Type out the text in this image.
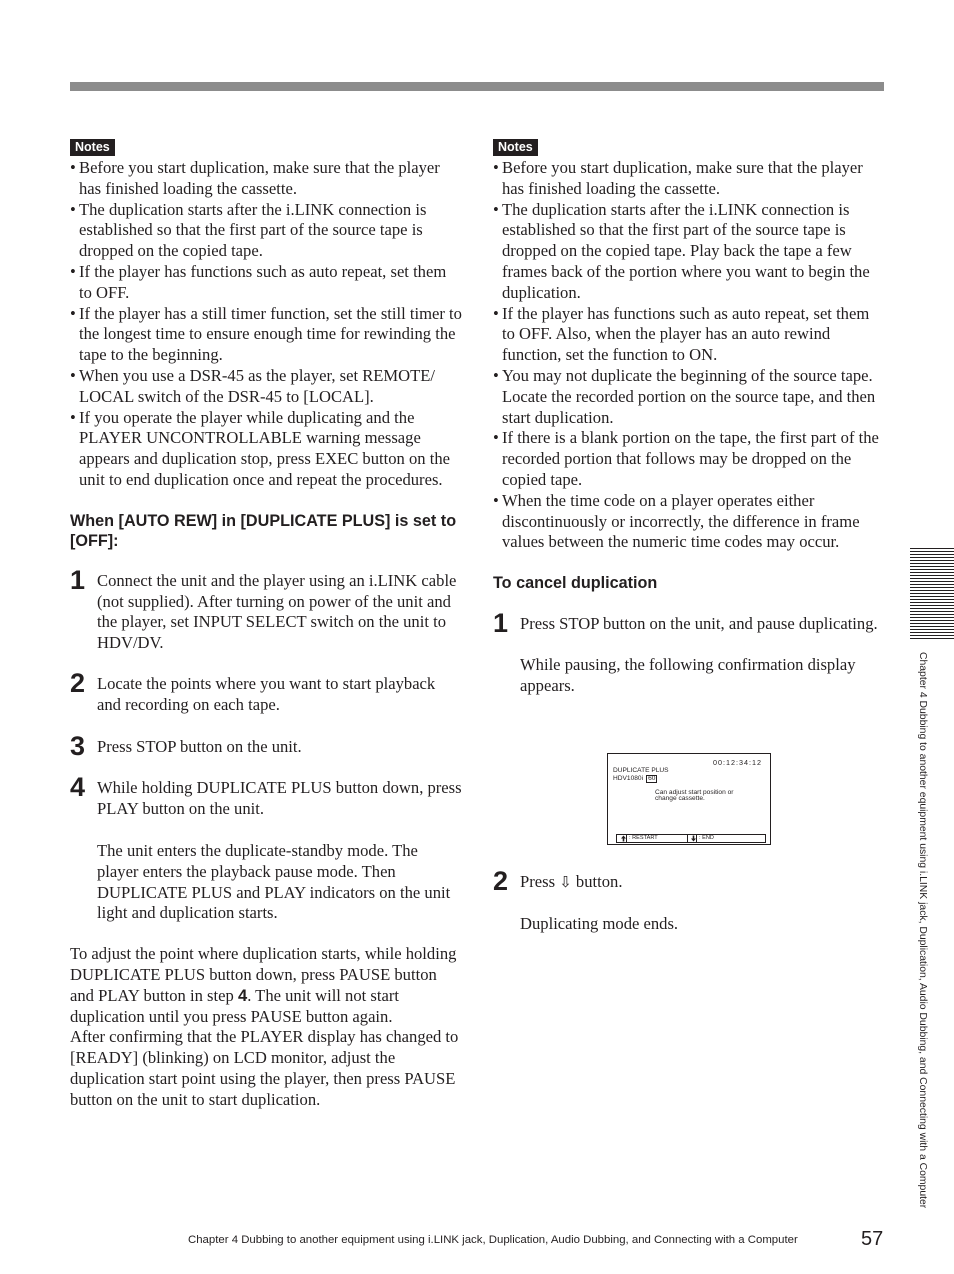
Notes
• Before you start duplication, make sure that the player has finished loading the cassette.
• The duplication starts after the i.LINK connection is established so that the first part of the source tape is dropped on the copied tape.
• If the player has functions such as auto repeat, set them to OFF.
• If the player has a still timer function, set the still timer to the longest time to ensure enough time for rewinding the tape to the beginning.
• When you use a DSR-45 as the player, set REMOTE/ LOCAL switch of the DSR-45 to [LOCAL].
• If you operate the player while duplicating and the PLAYER UNCONTROLLABLE warning message appears and duplication stop, press EXEC button on the unit to end duplication once and repeat the procedures.
When [AUTO REW] in [DUPLICATE PLUS] is set to [OFF]:
1 Connect the unit and the player using an i.LINK cable (not supplied). After turning on power of the unit and the player, set INPUT SELECT switch on the unit to HDV/DV.

2 Locate the points where you want to start playback and recording on each tape.

3 Press STOP button on the unit.

4 While holding DUPLICATE PLUS button down, press PLAY button on the unit.

The unit enters the duplicate-standby mode. The player enters the playback pause mode. Then DUPLICATE PLUS and PLAY indicators on the unit light and duplication starts.

To adjust the point where duplication starts, while holding DUPLICATE PLUS button down, press PAUSE button and PLAY button in step 4. The unit will not start duplication until you press PAUSE button again.

After confirming that the PLAYER display has changed to [READY] (blinking) on LCD monitor, adjust the duplication start point using the player, then press PAUSE button on the unit to start duplication.

Notes
• Before you start duplication, make sure that the player has finished loading the cassette.
• The duplication starts after the i.LINK connection is established so that the first part of the source tape is dropped on the copied tape. Play back the tape a few frames back of the portion where you want to begin the duplication.
• If the player has functions such as auto repeat, set them to OFF. Also, when the player has an auto rewind function, set the function to ON.
• You may not duplicate the beginning of the source tape. Locate the recorded portion on the source tape, and then start duplication.
• If there is a blank portion on the tape, the first part of the recorded portion that follows may be dropped on the copied tape.
• When the time code on a player operates either discontinuously or incorrectly, the difference in frame values between the numeric time codes may occur.
To cancel duplication
1 Press STOP button on the unit, and pause duplicating.

While pausing, the following confirmation display appears.

00:12:34:12
DUPLICATE PLUS
HDV1080i 60
Can adjust start position or change cassette.
: RESTART	: END
2 Press ⇩ button.

Duplicating mode ends.	Chapter 4 Dubbing to another equipment using i.LINK jack, Duplication, Audio Dubbing, and Connecting with a Computer
Chapter 4 Dubbing to another equipment using i.LINK jack, Duplication, Audio Dubbing, and Connecting with a Computer	57
